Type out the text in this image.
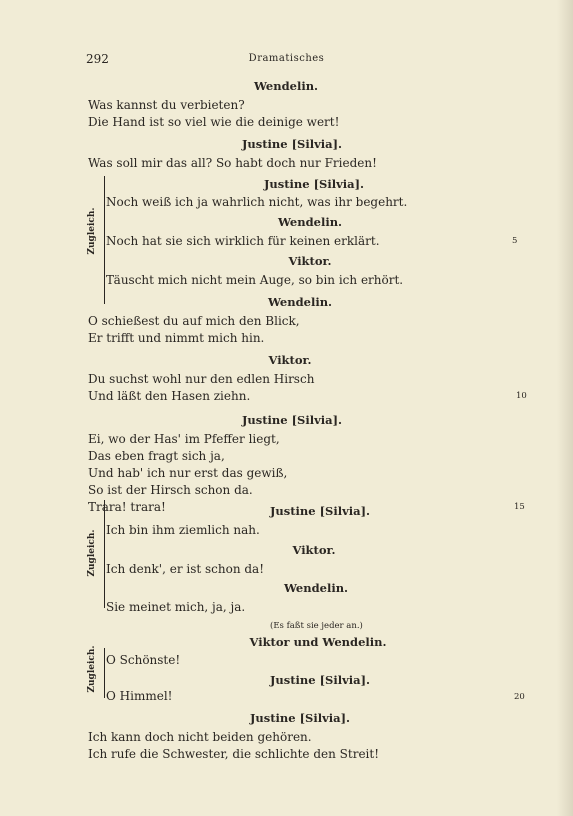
292	Dramatisches
Wendelin.
Was kannst du verbieten?
Die Hand ist so viel wie die deinige wert!
Justine [Silvia].
Was soll mir das all? So habt doch nur Frieden!
Zugleich.
Justine [Silvia].
Noch weiß ich ja wahrlich nicht, was ihr begehrt.
Wendelin.
Noch hat sie sich wirklich für keinen erklärt.	5
Viktor.
Täuscht mich nicht mein Auge, so bin ich erhört.
Wendelin.
O schießest du auf mich den Blick,
Er trifft und nimmt mich hin.
Viktor.
Du suchst wohl nur den edlen Hirsch
Und läßt den Hasen ziehn.	10
Justine [Silvia].
Ei, wo der Has' im Pfeffer liegt,
Das eben fragt sich ja,
Und hab' ich nur erst das gewiß,
So ist der Hirsch schon da.
Trara! trara!	15
Zugleich.
Justine [Silvia].
Ich bin ihm ziemlich nah.
Viktor.
Ich denk', er ist schon da!
Wendelin.
Sie meinet mich, ja, ja.
(Es faßt sie jeder an.)
Viktor und Wendelin.
Zugleich. O Schönste!
Justine [Silvia].
O Himmel!	20
Justine [Silvia].
Ich kann doch nicht beiden gehören.
Ich rufe die Schwester, die schlichte den Streit!
